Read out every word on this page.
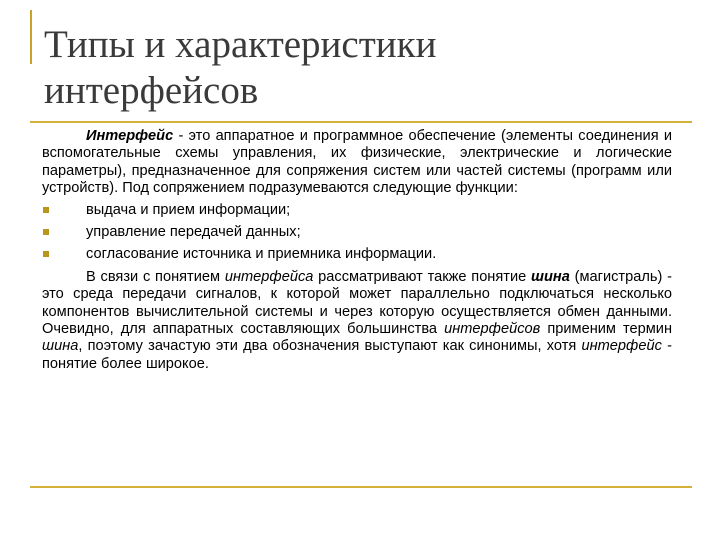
Типы и характеристики
интерфейсов

Интерфейс - это аппаратное и программное обеспечение (элементы соединения и вспомогательные схемы управления, их физические, электрические и логические параметры), предназначенное для сопряжения систем или частей системы (программ или устройств). Под сопряжением подразумеваются следующие функции:

выдача и прием информации;
управление передачей данных;
согласование источника и приемника информации.

В связи с понятием интерфейса рассматривают также понятие шина (магистраль) - это среда передачи сигналов, к которой может параллельно подключаться несколько компонентов вычислительной системы и через которую осуществляется обмен данными. Очевидно, для аппаратных составляющих большинства интерфейсов применим термин шина, поэтому зачастую эти два обозначения выступают как синонимы, хотя интерфейс - понятие более широкое.
